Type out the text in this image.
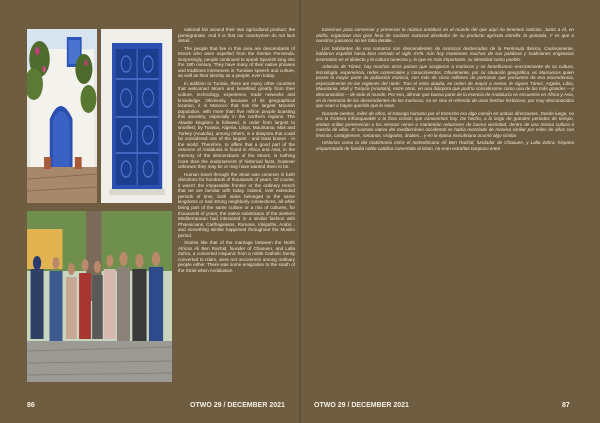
tunecinas para conservar y preservar la música andalusí en el mundo del que aquí no tenemos noticias. Junto a él, en otoño, organizan una gran feria de carácter nacional alrededor de su producto agrícola estrella: la granada. Y es que a nuestros paisanos no les falta detalle...

Los habitantes de esa comarca son descendientes de moriscos desterrados de la Península Ibérica. Curiosamente, hablaron español hasta bien entrado el siglo XVIII. Aún hoy mantienen muchas de sus palabras y tradiciones originarias insertadas en el dialecto y la cultura tunecina y, lo que es más importante, su identidad como pueblo.

Además de Túnez, hay muchos otros países que acogieron a moriscos y se beneficiaron enormemente de su cultura, tecnología, experiencia, redes comerciales y conocimientos. Obviamente, por su situación geográfica, es Marruecos quien posee la mayor parte de población morisca, con más de cinco millones de personas que presumen de esa ascendencia, especialmente en las regiones del norte. Tras el reino alauita, en orden de mayor a menor, le siguen Túnez, Argelia, Libia, Mauritania, Malí y Turquía (Anatolia), entre otros, en una diáspora que podría considerarse como una de las más grandes —y desconocidas— de todo el mundo. Por eso, afirmar que buena parte de la esencia de Andalucía se encuentra en África y Asia, en la memoria de los descendientes de los moriscos, no es sino el refrendo de unos hechos históricos, por muy desconocidos que sean o hayan querido que lo sean.

Durante cientos, miles de años, el trasiego humano por el Estrecho era algo común en ambas direcciones. Desde luego, no era la frontera infranqueable o la fosa común que conocemos hoy. De hecho, a lo largo de grandes periodos de tiempo, ambas orillas pertenecían a los mismos reinos o mantenían relaciones de buena vecindad, dentro de una misma cultura o mezcla de ellas. El sustrato nativo del mediterráneo occidental se había mezclado de manera similar por miles de años con fenicios, cartagineses, romanos, visigodos, árabes... y en la época musulmana ocurrió algo similar.

Historias como la del matrimonio entre el norteafricano Alí Ben Rachid, fundador de Chaouen, y Lalla Zahra, hispana emparentada de familia noble católica convertida al islam, no eran extrañas tampoco entre

OTWO 29 / DECEMBER 2021
86	OTWO 29 / DECEMBER 2021	87

national fair around their star agricultural product: the pomegranate. And it is that our countrymen do not lack detail...

The people that live in this area are descendants of Moors who were expelled from the Iberian Peninsula. Surprisingly, people continued to speak Spanish long into the 19th century. They have many of their native phrases and traditions interwoven in Tunisian speech and culture, as well as their identity as a people, even today.

In addition to Tunisia, there are many other countries that welcomed Moors and benefited greatly from their culture, technology, experience, trade networks and knowledge. Obviously, because of its geographical location, it is Morocco that has the largest Moorish population, with more than five million people boasting this ancestry, especially in the northern regions. The Alawite kingdom is followed, in order from largest to smallest, by Tunisia, Algeria, Libya, Mauritania, Mali and Turkey (Anatolia), among others, in a diaspora that could be considered one of the largest - and least known - in the world. Therefore, to affirm that a good part of the essence of Andalusia is found in Africa and Asia, in the memory of the descendants of the Moors, is nothing more than the endorsement of historical facts, however unknown they may be or may have wanted them to be.

Human travel through the Strait was common in both directions for hundreds of thousands of years. Of course, it wasn't the impassable frontier or the ordinary trench that we are familiar with today. Indeed, over extended periods of time, both sides belonged to the same kingdoms or had strong neighborly connections, all while being part of the same culture or a mix of cultures, for thousands of years; the native substratum of the western Mediterranean had interacted in a similar fashion with Phoenicians, Carthaginians, Romans, Visigoths, Arabs... and something similar happened throughout the Muslim period.

Stories like that of the marriage between the North African Ali Ben Rachid, founder of Chaouen, and Lalla Zahra, a converted Hispanic from a noble Catholic family converted to Islam, were not uncommon among ordinary people either. There was some emigration to the south of the Strait when Andalusian
